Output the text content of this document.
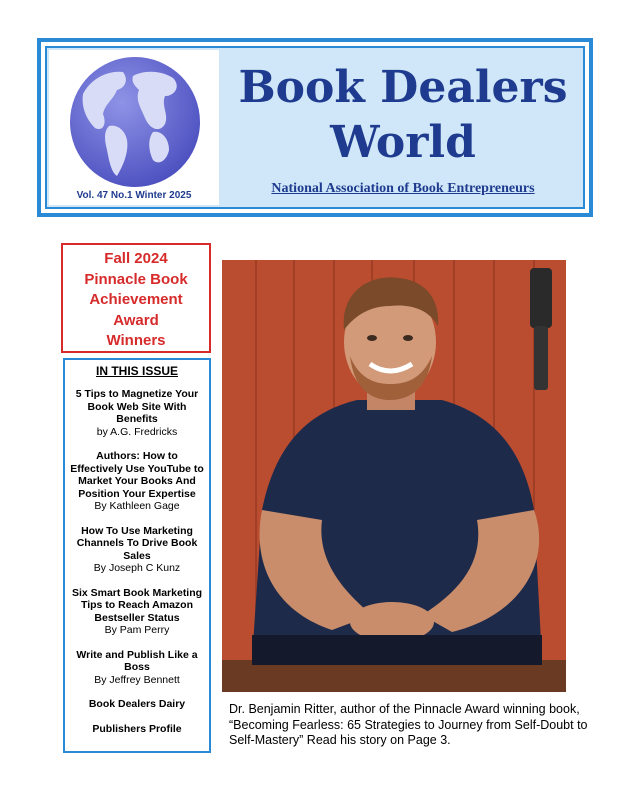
Vol. 47 No.1 Winter 2025
Book Dealers
World
National Association of Book Entrepreneurs
Fall 2024
Pinnacle Book
Achievement
Award
Winners
IN THIS ISSUE
5 Tips to Magnetize Your Book Web Site With Benefits
by A.G. Fredricks
Authors: How to Effectively Use YouTube to Market Your Books And Position Your Expertise
By Kathleen Gage
How To Use Marketing Channels To Drive Book Sales
By Joseph C Kunz
Six Smart Book Marketing Tips to Reach Amazon Bestseller Status
By Pam Perry
Write and Publish Like a Boss
By Jeffrey Bennett
Book Dealers Dairy
Publishers Profile
Dr. Benjamin Ritter, author of the Pinnacle Award winning book, “Becoming Fearless: 65 Strategies to Journey from Self-Doubt to Self-Mastery” Read his story on Page 3.
